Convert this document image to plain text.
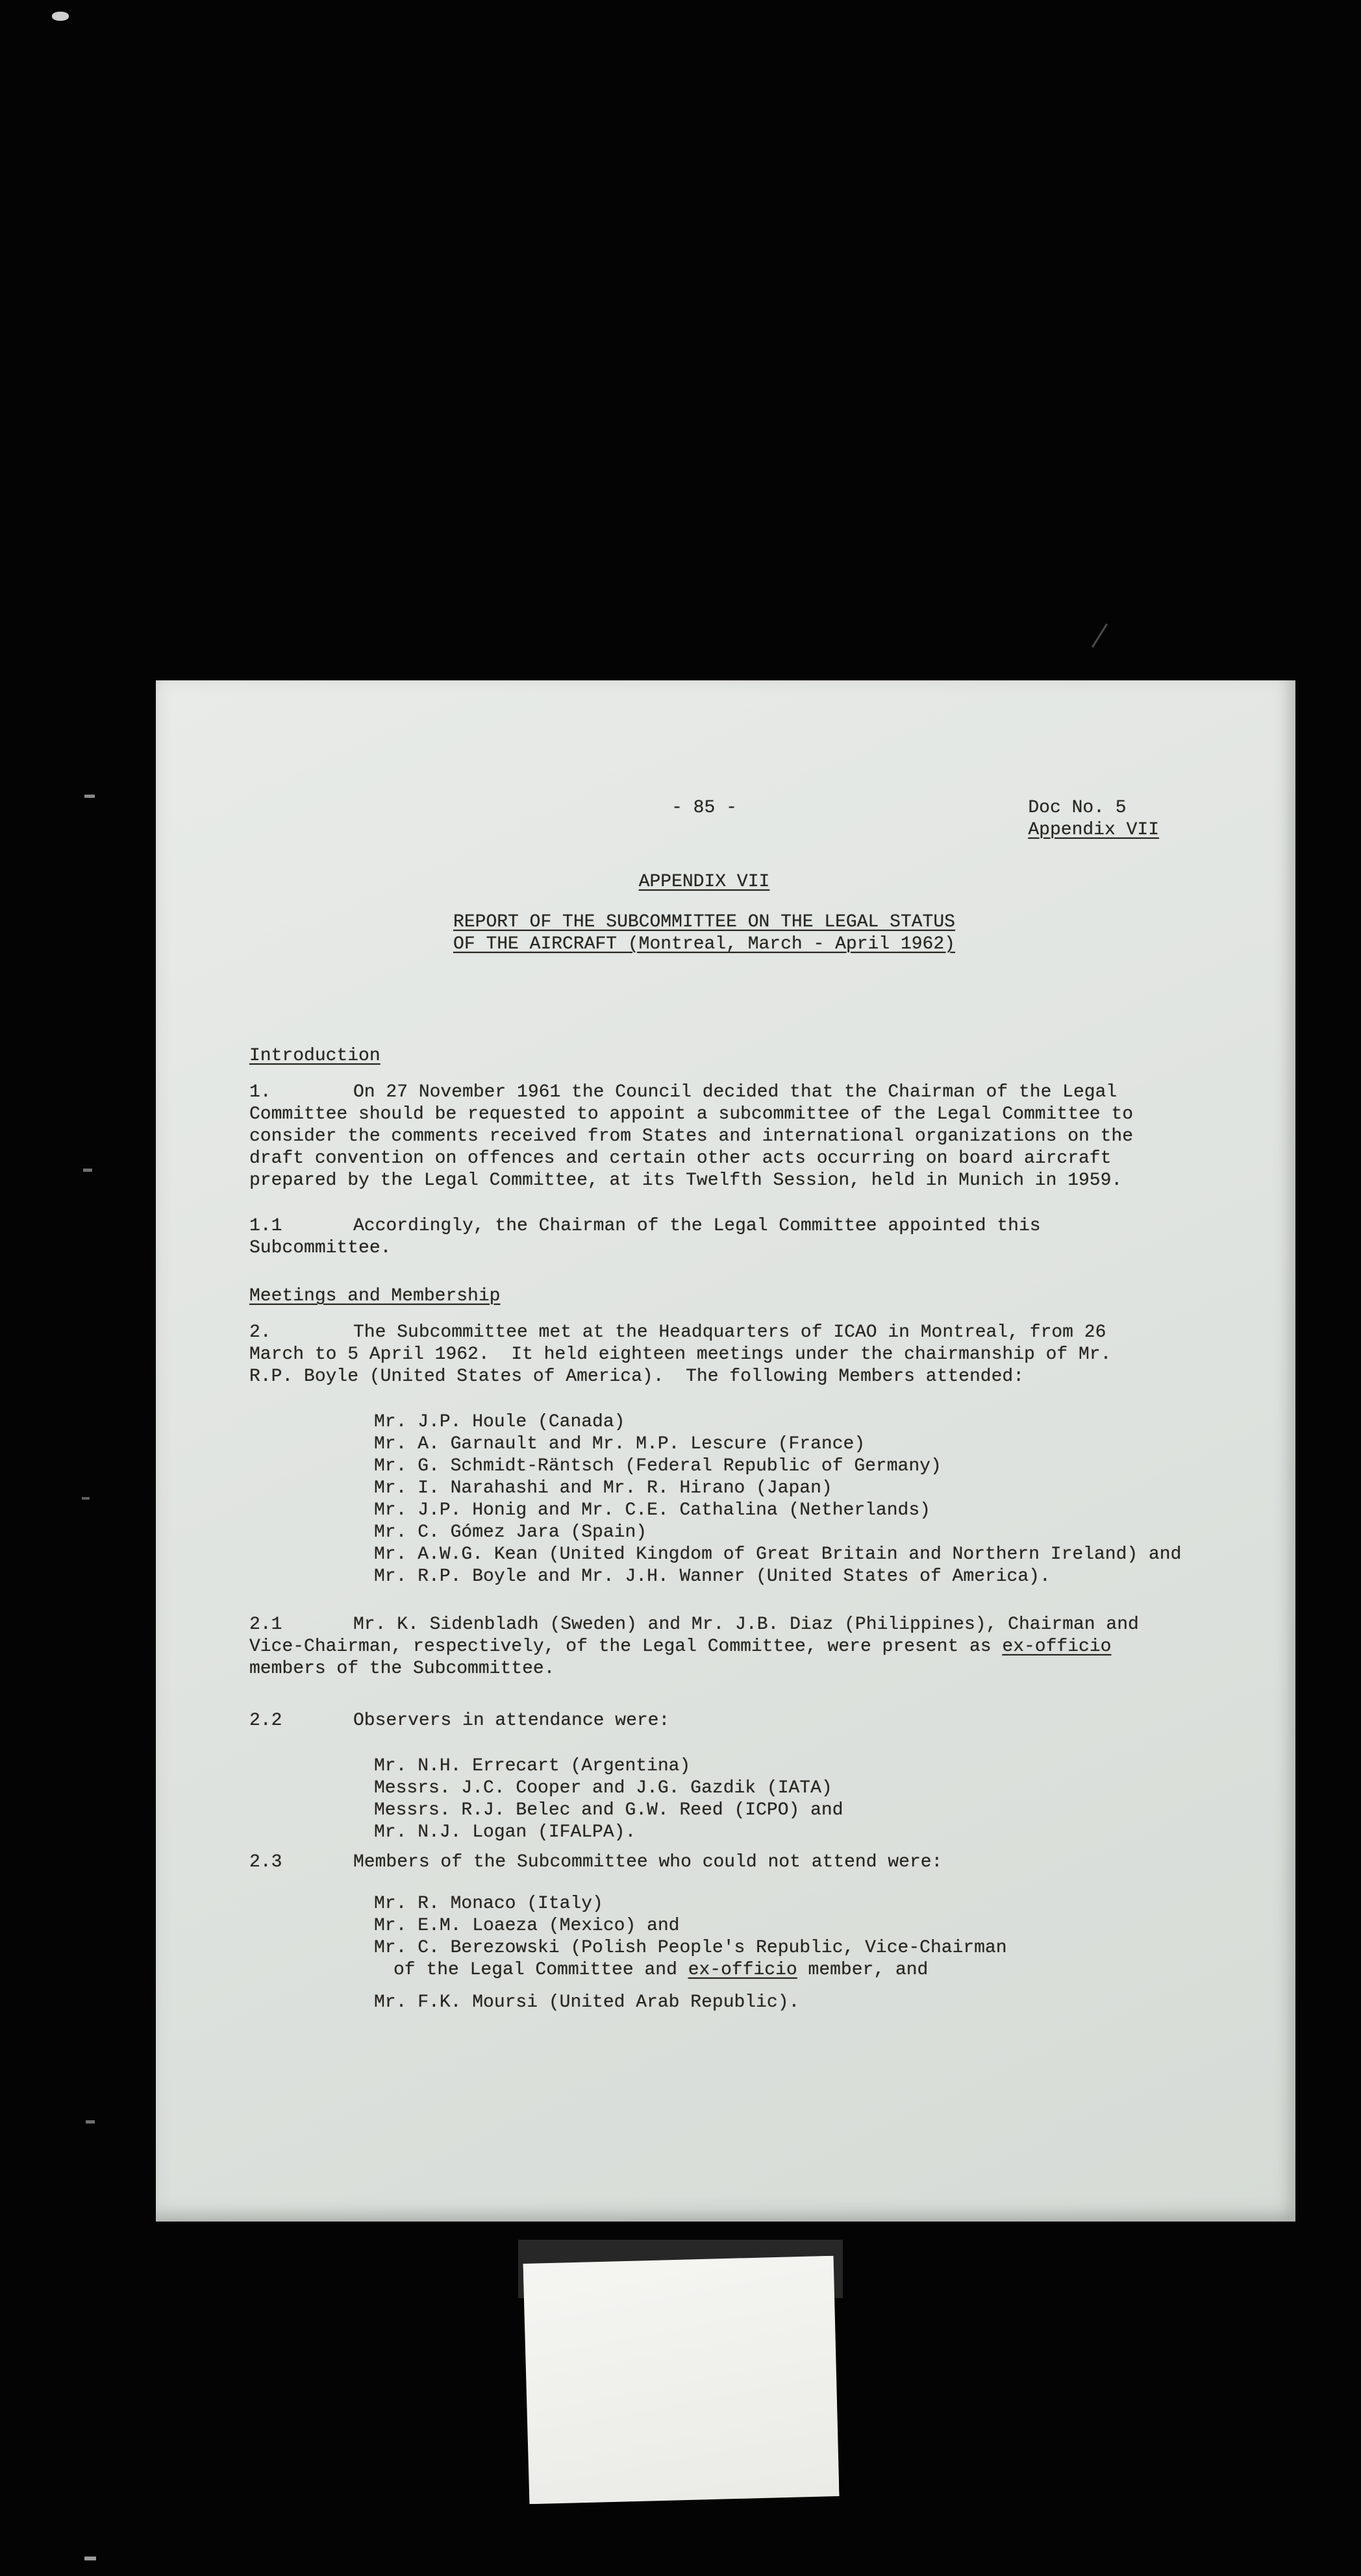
- 85 -	Doc No. 5
Appendix VII
APPENDIX VII
REPORT OF THE SUBCOMMITTEE ON THE LEGAL STATUS
OF THE AIRCRAFT (Montreal, March - April 1962)
Introduction

1.	On 27 November 1961 the Council decided that the Chairman of the Legal Committee should be requested to appoint a subcommittee of the Legal Committee to consider the comments received from States and international organizations on the draft convention on offences and certain other acts occurring on board aircraft prepared by the Legal Committee, at its Twelfth Session, held in Munich in 1959.

1.1	Accordingly, the Chairman of the Legal Committee appointed this Subcommittee.

Meetings and Membership

2.	The Subcommittee met at the Headquarters of ICAO in Montreal, from 26 March to 5 April 1962.  It held eighteen meetings under the chairmanship of Mr. R.P. Boyle (United States of America).  The following Members attended:

Mr. J.P. Houle (Canada)
Mr. A. Garnault and Mr. M.P. Lescure (France)
Mr. G. Schmidt-Räntsch (Federal Republic of Germany)
Mr. I. Narahashi and Mr. R. Hirano (Japan)
Mr. J.P. Honig and Mr. C.E. Cathalina (Netherlands)
Mr. C. Gómez Jara (Spain)
Mr. A.W.G. Kean (United Kingdom of Great Britain and Northern Ireland) and
Mr. R.P. Boyle and Mr. J.H. Wanner (United States of America).

2.1	Mr. K. Sidenbladh (Sweden) and Mr. J.B. Diaz (Philippines), Chairman and Vice-Chairman, respectively, of the Legal Committee, were present as ex-officio members of the Subcommittee.

2.2	Observers in attendance were:

Mr. N.H. Errecart (Argentina)
Messrs. J.C. Cooper and J.G. Gazdik (IATA)
Messrs. R.J. Belec and G.W. Reed (ICPO) and
Mr. N.J. Logan (IFALPA).

2.3	Members of the Subcommittee who could not attend were:

Mr. R. Monaco (Italy)
Mr. E.M. Loaeza (Mexico) and
Mr. C. Berezowski (Polish People's Republic, Vice-Chairman
of the Legal Committee and ex-officio member, and
Mr. F.K. Moursi (United Arab Republic).
